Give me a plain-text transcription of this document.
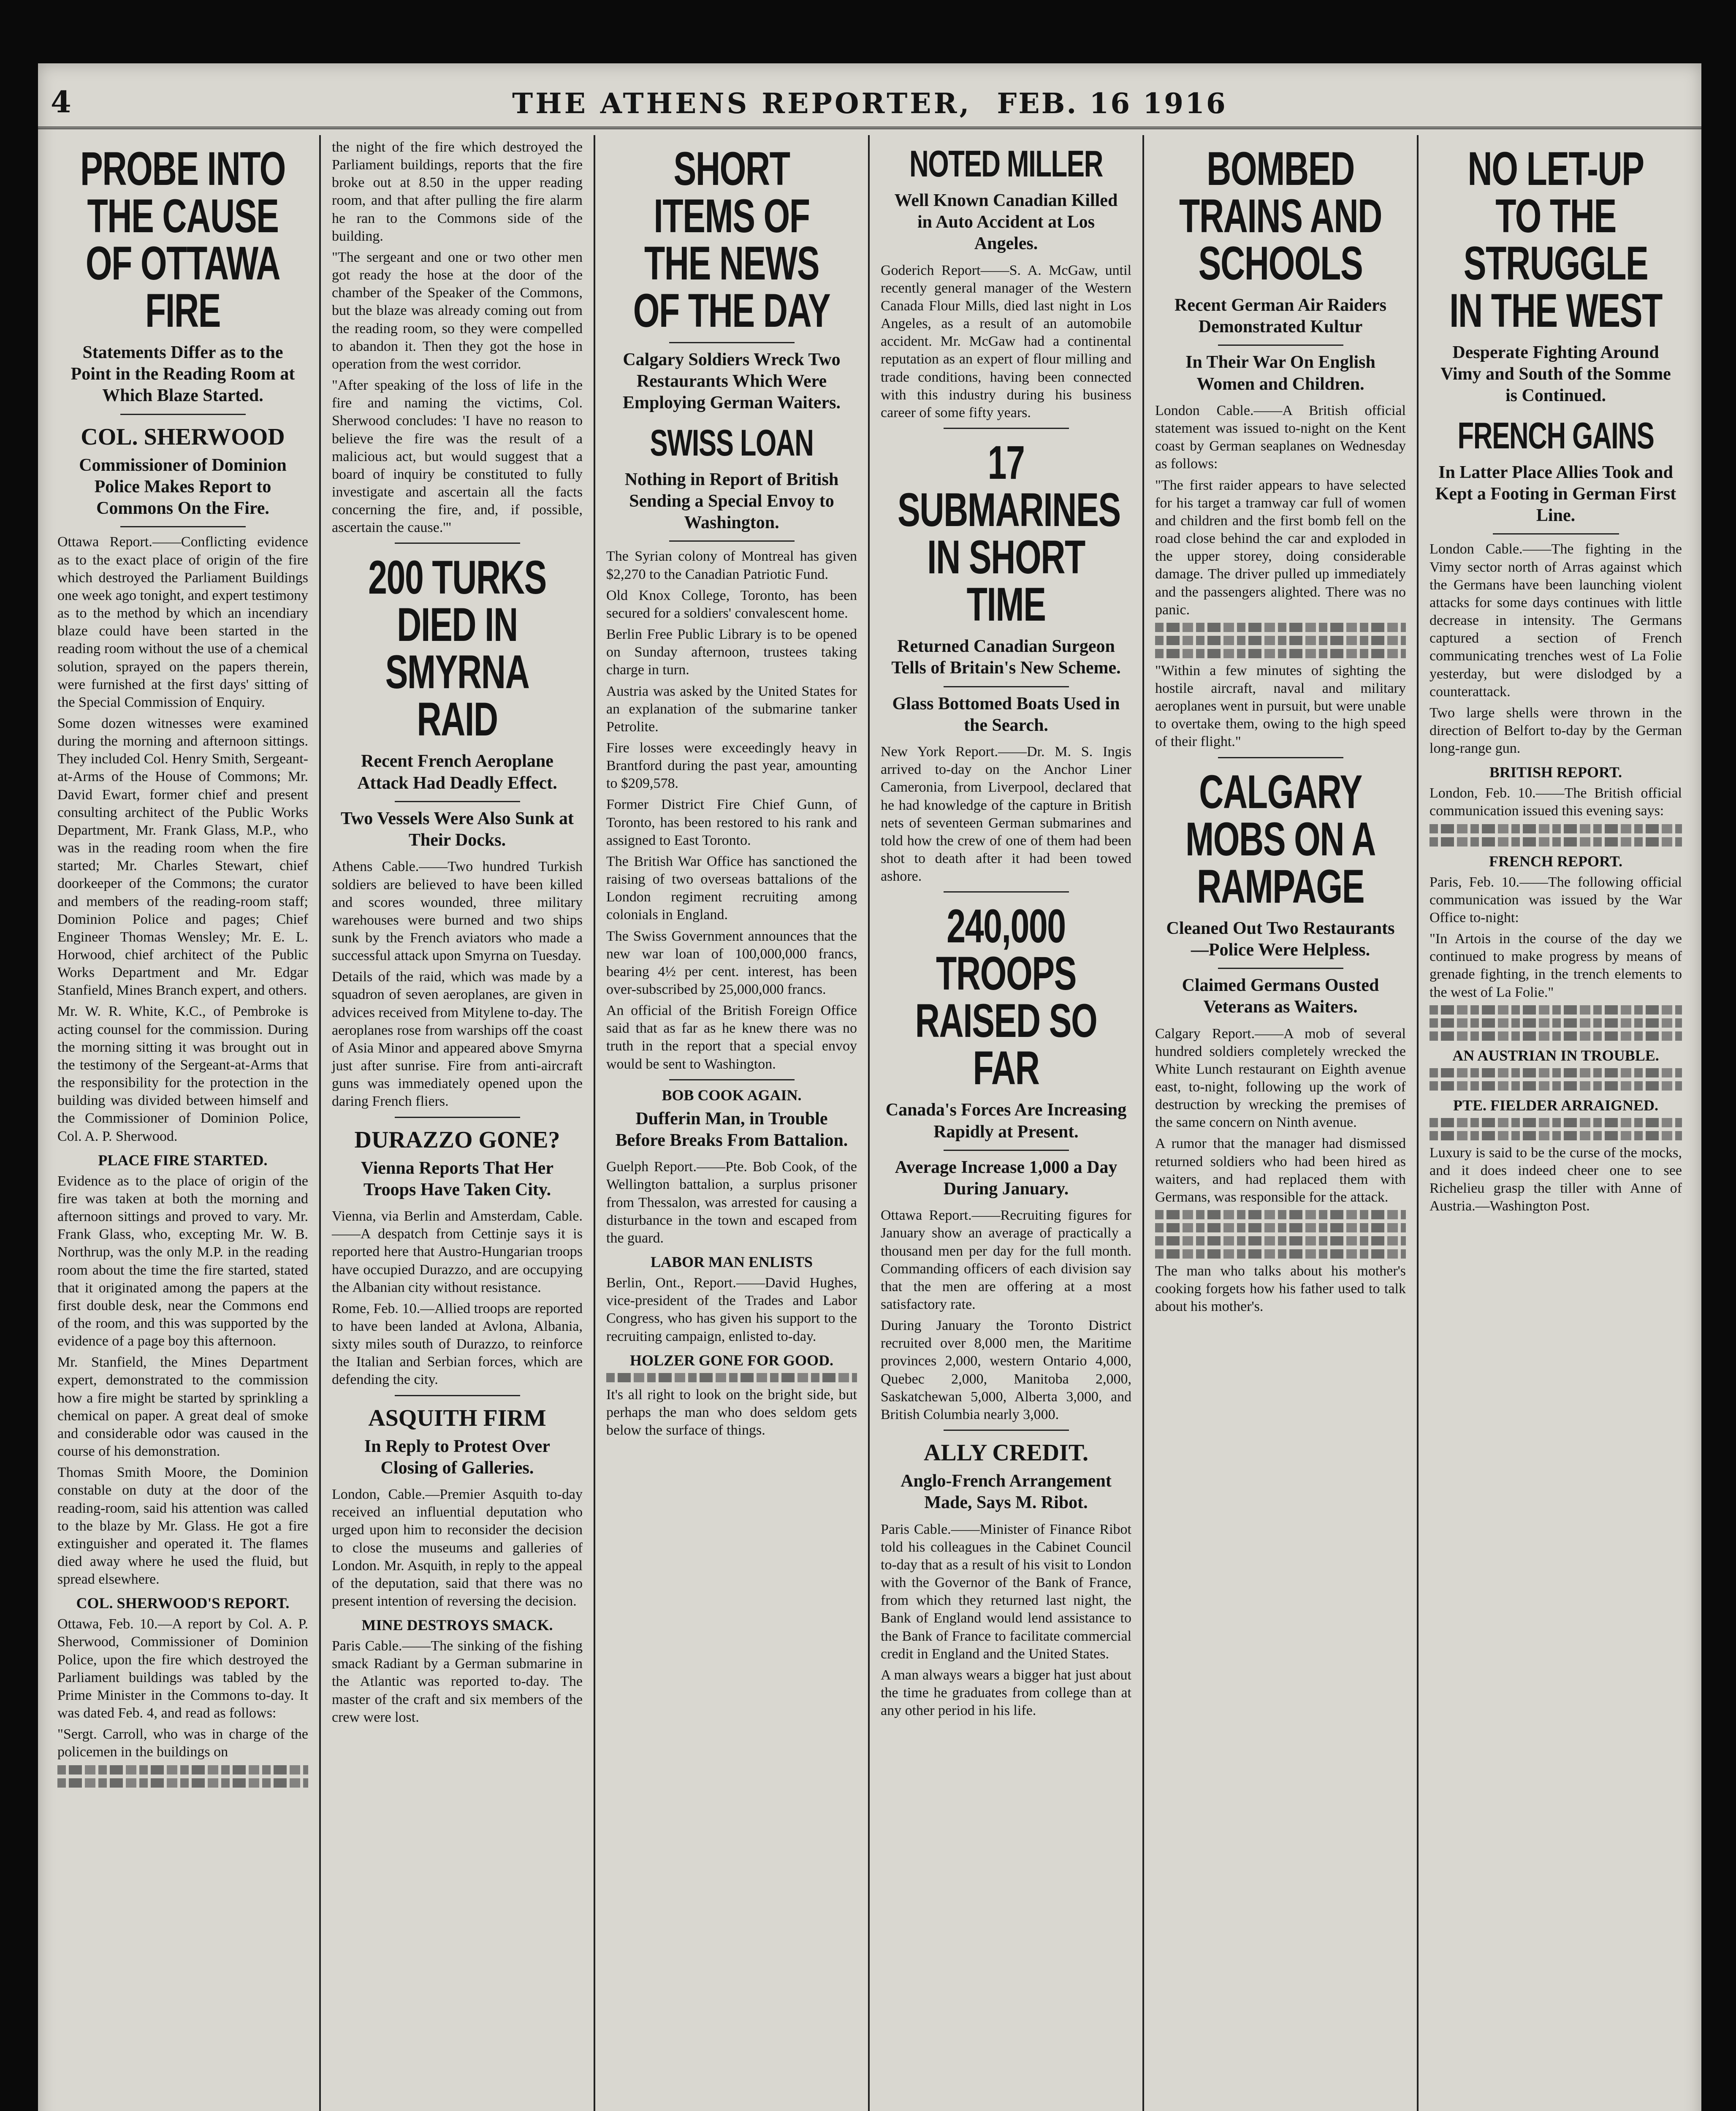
4	THE ATHENS REPORTER, FEB. 16 1916
PROBE INTO THE CAUSE OF OTTAWA FIRE
Statements Differ as to the Point in the Reading Room at Which Blaze Started.
COL. SHERWOOD
Commissioner of Dominion Police Makes Report to Commons On the Fire.

Ottawa Report.——Conflicting evidence as to the exact place of origin of the fire which destroyed the Parliament Buildings one week ago tonight, and expert testimony as to the method by which an incendiary blaze could have been started in the reading room without the use of a chemical solution, sprayed on the papers therein, were furnished at the first days' sitting of the Special Commission of Enquiry.

Some dozen witnesses were examined during the morning and afternoon sittings. They included Col. Henry Smith, Sergeant-at-Arms of the House of Commons; Mr. David Ewart, former chief and present consulting architect of the Public Works Department, Mr. Frank Glass, M.P., who was in the reading room when the fire started; Mr. Charles Stewart, chief doorkeeper of the Commons; the curator and members of the reading-room staff; Dominion Police and pages; Chief Engineer Thomas Wensley; Mr. E. L. Horwood, chief architect of the Public Works Department and Mr. Edgar Stanfield, Mines Branch expert, and others.

Mr. W. R. White, K.C., of Pembroke is acting counsel for the commission. During the morning sitting it was brought out in the testimony of the Sergeant-at-Arms that the responsibility for the protection in the building was divided between himself and the Commissioner of Dominion Police, Col. A. P. Sherwood.

PLACE FIRE STARTED.

Evidence as to the place of origin of the fire was taken at both the morning and afternoon sittings and proved to vary. Mr. Frank Glass, who, excepting Mr. W. B. Northrup, was the only M.P. in the reading room about the time the fire started, stated that it originated among the papers at the first double desk, near the Commons end of the room, and this was supported by the evidence of a page boy this afternoon.

Mr. Stanfield, the Mines Department expert, demonstrated to the commission how a fire might be started by sprinkling a chemical on paper. A great deal of smoke and considerable odor was caused in the course of his demonstration.

Thomas Smith Moore, the Dominion constable on duty at the door of the reading-room, said his attention was called to the blaze by Mr. Glass. He got a fire extinguisher and operated it. The flames died away where he used the fluid, but spread elsewhere.

COL. SHERWOOD'S REPORT.

Ottawa, Feb. 10.—A report by Col. A. P. Sherwood, Commissioner of Dominion Police, upon the fire which destroyed the Parliament buildings was tabled by the Prime Minister in the Commons to-day. It was dated Feb. 4, and read as follows:

"Sergt. Carroll, who was in charge of the policemen in the buildings on

the night of the fire which destroyed the Parliament buildings, reports that the fire broke out at 8.50 in the upper reading room, and that after pulling the fire alarm he ran to the Commons side of the building.

"The sergeant and one or two other men got ready the hose at the door of the chamber of the Speaker of the Commons, but the blaze was already coming out from the reading room, so they were compelled to abandon it. Then they got the hose in operation from the west corridor.

"After speaking of the loss of life in the fire and naming the victims, Col. Sherwood concludes: 'I have no reason to believe the fire was the result of a malicious act, but would suggest that a board of inquiry be constituted to fully investigate and ascertain all the facts concerning the fire, and, if possible, ascertain the cause.'"

200 TURKS DIED IN SMYRNA RAID
Recent French Aeroplane Attack Had Deadly Effect.
Two Vessels Were Also Sunk at Their Docks.

Athens Cable.——Two hundred Turkish soldiers are believed to have been killed and scores wounded, three military warehouses were burned and two ships sunk by the French aviators who made a successful attack upon Smyrna on Tuesday.

Details of the raid, which was made by a squadron of seven aeroplanes, are given in advices received from Mitylene to-day. The aeroplanes rose from warships off the coast of Asia Minor and appeared above Smyrna just after sunrise. Fire from anti-aircraft guns was immediately opened upon the daring French fliers.

DURAZZO GONE?
Vienna Reports That Her Troops Have Taken City.

Vienna, via Berlin and Amsterdam, Cable.——A despatch from Cettinje says it is reported here that Austro-Hungarian troops have occupied Durazzo, and are occupying the Albanian city without resistance.

Rome, Feb. 10.—Allied troops are reported to have been landed at Avlona, Albania, sixty miles south of Durazzo, to reinforce the Italian and Serbian forces, which are defending the city.

ASQUITH FIRM
In Reply to Protest Over Closing of Galleries.

London, Cable.—Premier Asquith to-day received an influential deputation who urged upon him to reconsider the decision to close the museums and galleries of London. Mr. Asquith, in reply to the appeal of the deputation, said that there was no present intention of reversing the decision.

MINE DESTROYS SMACK.

Paris Cable.——The sinking of the fishing smack Radiant by a German submarine in the Atlantic was reported to-day. The master of the craft and six members of the crew were lost.

SHORT ITEMS OF THE NEWS OF THE DAY
Calgary Soldiers Wreck Two Restaurants Which Were Employing German Waiters.
SWISS LOAN
Nothing in Report of British Sending a Special Envoy to Washington.

The Syrian colony of Montreal has given $2,270 to the Canadian Patriotic Fund.

Old Knox College, Toronto, has been secured for a soldiers' convalescent home.

Berlin Free Public Library is to be opened on Sunday afternoon, trustees taking charge in turn.

Austria was asked by the United States for an explanation of the submarine tanker Petrolite.

Fire losses were exceedingly heavy in Brantford during the past year, amounting to $209,578.

Former District Fire Chief Gunn, of Toronto, has been restored to his rank and assigned to East Toronto.

The British War Office has sanctioned the raising of two overseas battalions of the London regiment recruiting among colonials in England.

The Swiss Government announces that the new war loan of 100,000,000 francs, bearing 4½ per cent. interest, has been over-subscribed by 25,000,000 francs.

An official of the British Foreign Office said that as far as he knew there was no truth in the report that a special envoy would be sent to Washington.

BOB COOK AGAIN.
Dufferin Man, in Trouble Before Breaks From Battalion.

Guelph Report.——Pte. Bob Cook, of the Wellington battalion, a surplus prisoner from Thessalon, was arrested for causing a disturbance in the town and escaped from the guard.

LABOR MAN ENLISTS

Berlin, Ont., Report.——David Hughes, vice-president of the Trades and Labor Congress, who has given his support to the recruiting campaign, enlisted to-day.

HOLZER GONE FOR GOOD.

It's all right to look on the bright side, but perhaps the man who does seldom gets below the surface of things.

NOTED MILLER
Well Known Canadian Killed in Auto Accident at Los Angeles.

Goderich Report——S. A. McGaw, until recently general manager of the Western Canada Flour Mills, died last night in Los Angeles, as a result of an automobile accident. Mr. McGaw had a continental reputation as an expert of flour milling and trade conditions, having been connected with this industry during his business career of some fifty years.

17 SUBMARINES IN SHORT TIME
Returned Canadian Surgeon Tells of Britain's New Scheme.
Glass Bottomed Boats Used in the Search.

New York Report.——Dr. M. S. Ingis arrived to-day on the Anchor Liner Cameronia, from Liverpool, declared that he had knowledge of the capture in British nets of seventeen German submarines and told how the crew of one of them had been shot to death after it had been towed ashore.

240,000 TROOPS RAISED SO FAR
Canada's Forces Are Increasing Rapidly at Present.
Average Increase 1,000 a Day During January.

Ottawa Report.——Recruiting figures for January show an average of practically a thousand men per day for the full month. Commanding officers of each division say that the men are offering at a most satisfactory rate.

During January the Toronto District recruited over 8,000 men, the Maritime provinces 2,000, western Ontario 4,000, Quebec 2,000, Manitoba 2,000, Saskatchewan 5,000, Alberta 3,000, and British Columbia nearly 3,000.

ALLY CREDIT.
Anglo-French Arrangement Made, Says M. Ribot.

Paris Cable.——Minister of Finance Ribot told his colleagues in the Cabinet Council to-day that as a result of his visit to London with the Governor of the Bank of France, from which they returned last night, the Bank of England would lend assistance to the Bank of France to facilitate commercial credit in England and the United States.

A man always wears a bigger hat just about the time he graduates from college than at any other period in his life.

BOMBED TRAINS AND SCHOOLS
Recent German Air Raiders Demonstrated Kultur
In Their War On English Women and Children.

London Cable.——A British official statement was issued to-night on the Kent coast by German seaplanes on Wednesday as follows:

"The first raider appears to have selected for his target a tramway car full of women and children and the first bomb fell on the road close behind the car and exploded in the upper storey, doing considerable damage. The driver pulled up immediately and the passengers alighted. There was no panic.

"Within a few minutes of sighting the hostile aircraft, naval and military aeroplanes went in pursuit, but were unable to overtake them, owing to the high speed of their flight."

CALGARY MOBS ON A RAMPAGE
Cleaned Out Two Restaurants—Police Were Helpless.
Claimed Germans Ousted Veterans as Waiters.

Calgary Report.——A mob of several hundred soldiers completely wrecked the White Lunch restaurant on Eighth avenue east, to-night, following up the work of destruction by wrecking the premises of the same concern on Ninth avenue.

A rumor that the manager had dismissed returned soldiers who had been hired as waiters, and had replaced them with Germans, was responsible for the attack.

The man who talks about his mother's cooking forgets how his father used to talk about his mother's.

NO LET-UP TO THE STRUGGLE IN THE WEST
Desperate Fighting Around Vimy and South of the Somme is Continued.
FRENCH GAINS
In Latter Place Allies Took and Kept a Footing in German First Line.

London Cable.——The fighting in the Vimy sector north of Arras against which the Germans have been launching violent attacks for some days continues with little decrease in intensity. The Germans captured a section of French communicating trenches west of La Folie yesterday, but were dislodged by a counterattack.

Two large shells were thrown in the direction of Belfort to-day by the German long-range gun.

BRITISH REPORT.

London, Feb. 10.——The British official communication issued this evening says:

FRENCH REPORT.

Paris, Feb. 10.——The following official communication was issued by the War Office to-night:

"In Artois in the course of the day we continued to make progress by means of grenade fighting, in the trench elements to the west of La Folie."

AN AUSTRIAN IN TROUBLE.
PTE. FIELDER ARRAIGNED.

Luxury is said to be the curse of the mocks, and it does indeed cheer one to see Richelieu grasp the tiller with Anne of Austria.—Washington Post.
